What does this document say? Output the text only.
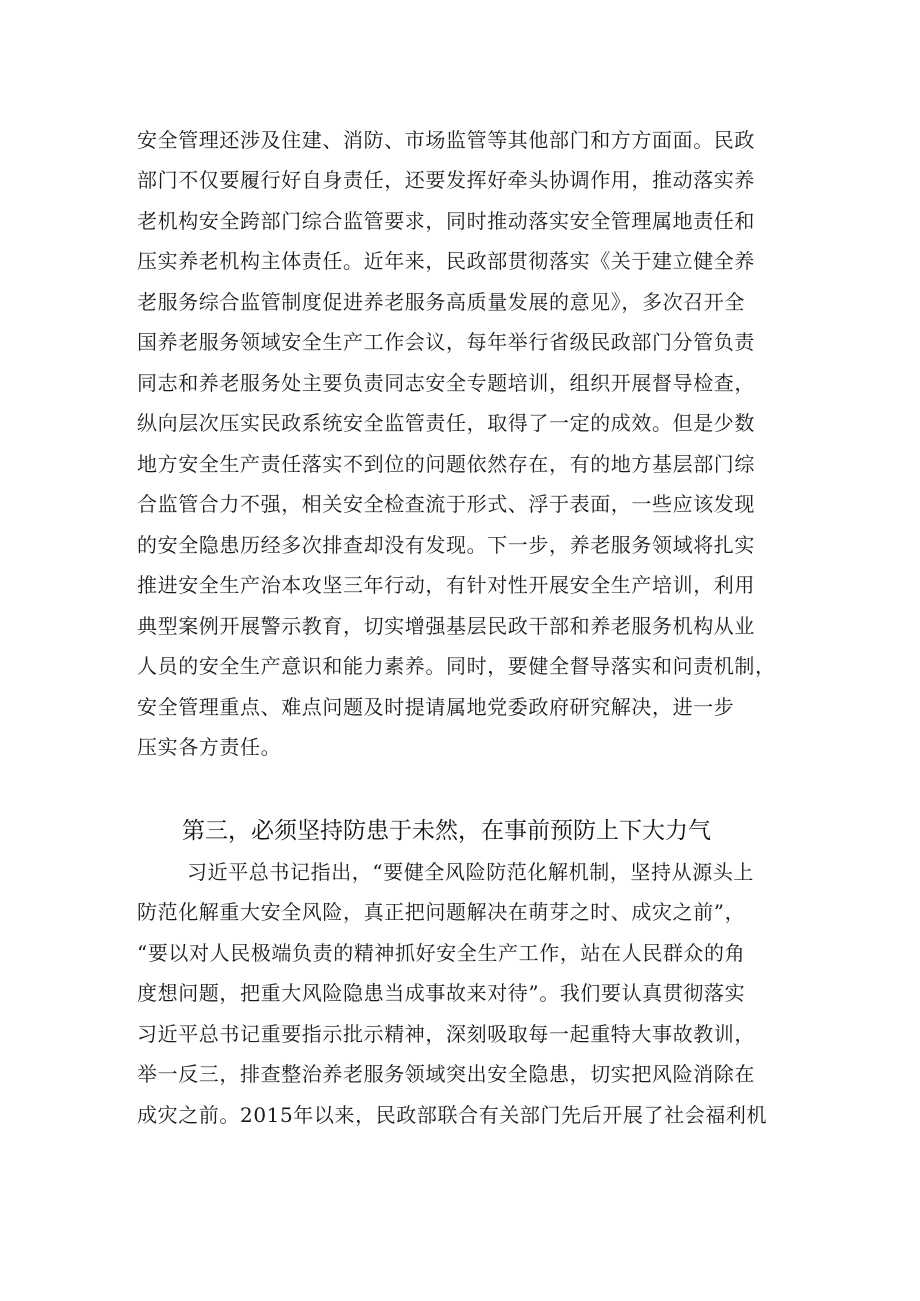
安全管理还涉及住建、消防、市场监管等其他部门和方方面面。民政
部门不仅要履行好自身责任，还要发挥好牵头协调作用，推动落实养
老机构安全跨部门综合监管要求，同时推动落实安全管理属地责任和
压实养老机构主体责任。近年来，民政部贯彻落实《关于建立健全养
老服务综合监管制度促进养老服务高质量发展的意见》，多次召开全
国养老服务领域安全生产工作会议，每年举行省级民政部门分管负责
同志和养老服务处主要负责同志安全专题培训，组织开展督导检查，
纵向层次压实民政系统安全监管责任，取得了一定的成效。但是少数
地方安全生产责任落实不到位的问题依然存在，有的地方基层部门综
合监管合力不强，相关安全检查流于形式、浮于表面，一些应该发现
的安全隐患历经多次排查却没有发现。下一步，养老服务领域将扎实
推进安全生产治本攻坚三年行动，有针对性开展安全生产培训，利用
典型案例开展警示教育，切实增强基层民政干部和养老服务机构从业
人员的安全生产意识和能力素养。同时，要健全督导落实和问责机制，
安全管理重点、难点问题及时提请属地党委政府研究解决，进一步
压实各方责任。
第三，必须坚持防患于未然，在事前预防上下大力气
习近平总书记指出，“要健全风险防范化解机制，坚持从源头上
防范化解重大安全风险，真正把问题解决在萌芽之时、成灾之前”，
“要以对人民极端负责的精神抓好安全生产工作，站在人民群众的角
度想问题，把重大风险隐患当成事故来对待”。我们要认真贯彻落实
习近平总书记重要指示批示精神，深刻吸取每一起重特大事故教训，
举一反三，排查整治养老服务领域突出安全隐患，切实把风险消除在
成灾之前。2015年以来，民政部联合有关部门先后开展了社会福利机
